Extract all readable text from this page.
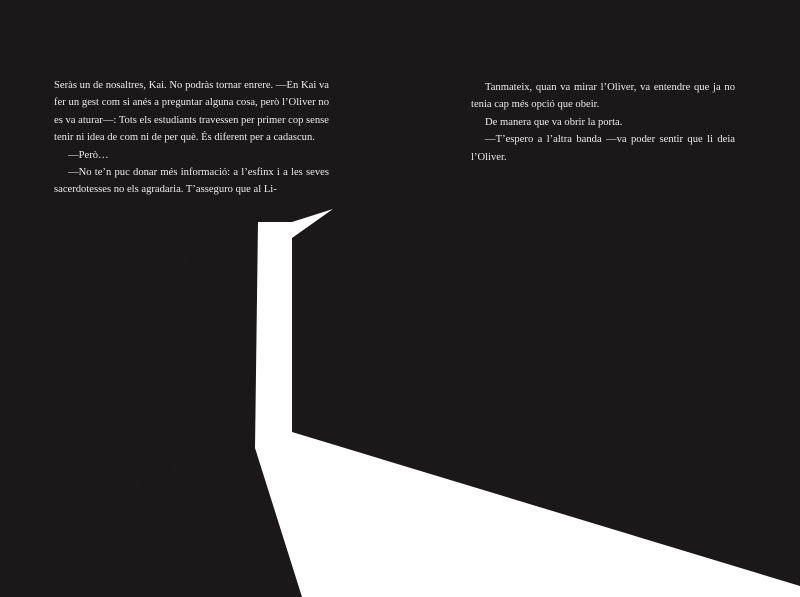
Seràs un de nosaltres, Kai. No podràs tornar enrere. —En Kai va fer un gest com si anés a preguntar alguna cosa, però l’Oliver no es va aturar—: Tots els estudiants travessen per primer cop sense tenir ni idea de com ni de per què. És diferent per a cadascun.

—Però…

—No te’n puc donar més informació: a l’esfinx i a les seves sacerdotesses no els agradaria. T’asseguro que al Li-

ceu aprendràs què és aquest lloc, entendràs per què existeix el santuari, per què l’endevinalla, per què és tot tan important. Ara no és el moment de comprendre, només de gosar travessar.

—Què passa si no sé la resposta de l’enigma de l’esfinx?

L’Oliver el va mirar amb una expressió molt seriosa.

—Si l’esfinx rugeix un cop, significarà que estàs en perill. Si ho fa dos cops…, et matarà.

En pair aquelles paraules, en Kai va ser molt conscient del perill en què es trobava i, de sobte, no va saber com reaccionar-hi.

Tenia encara la possibilitat d’arrencar a córrer i deixar tot allò enrere?

Tanmateix, quan va mirar l’Oliver, va entendre que ja no tenia cap més opció que obeir.

De manera que va obrir la porta.

—T’espero a l’altra banda —va poder sentir que li deia l’Oliver.
